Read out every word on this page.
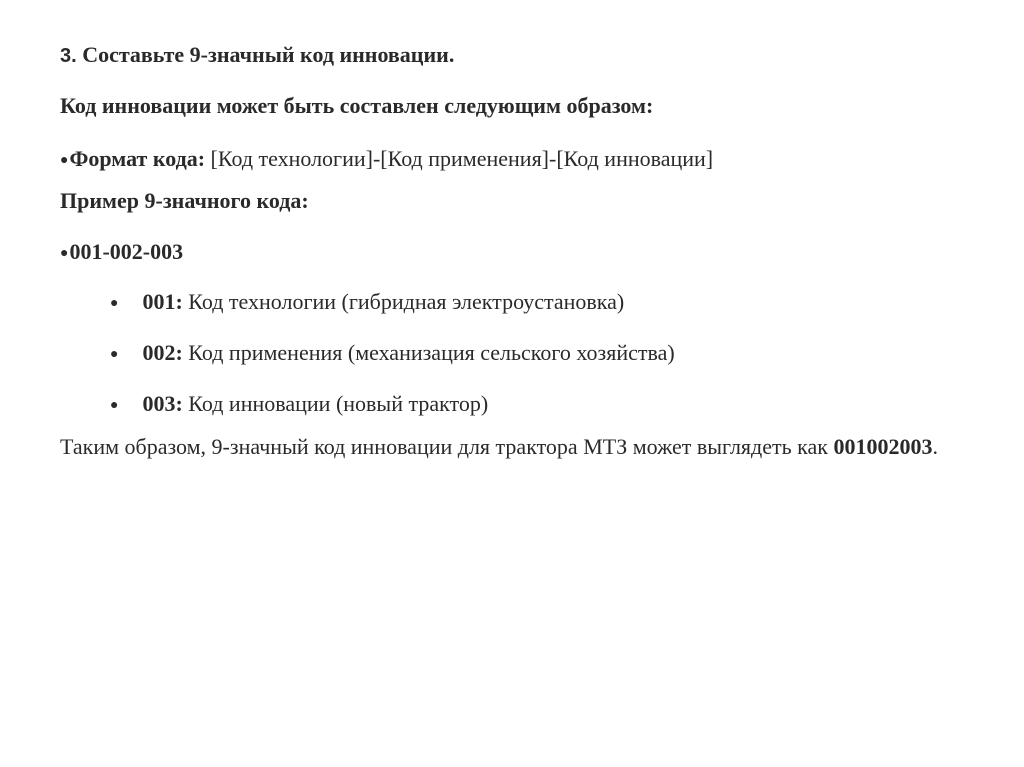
3. Составьте 9-значный код инновации.
Код инновации может быть составлен следующим образом:
●Формат кода: [Код технологии]-[Код применения]-[Код инновации]
Пример 9-значного кода:
●001-002-003
● 001: Код технологии (гибридная электроустановка)
● 002: Код применения (механизация сельского хозяйства)
● 003: Код инновации (новый трактор)
Таким образом, 9-значный код инновации для трактора МТЗ может выглядеть как 001002003.
